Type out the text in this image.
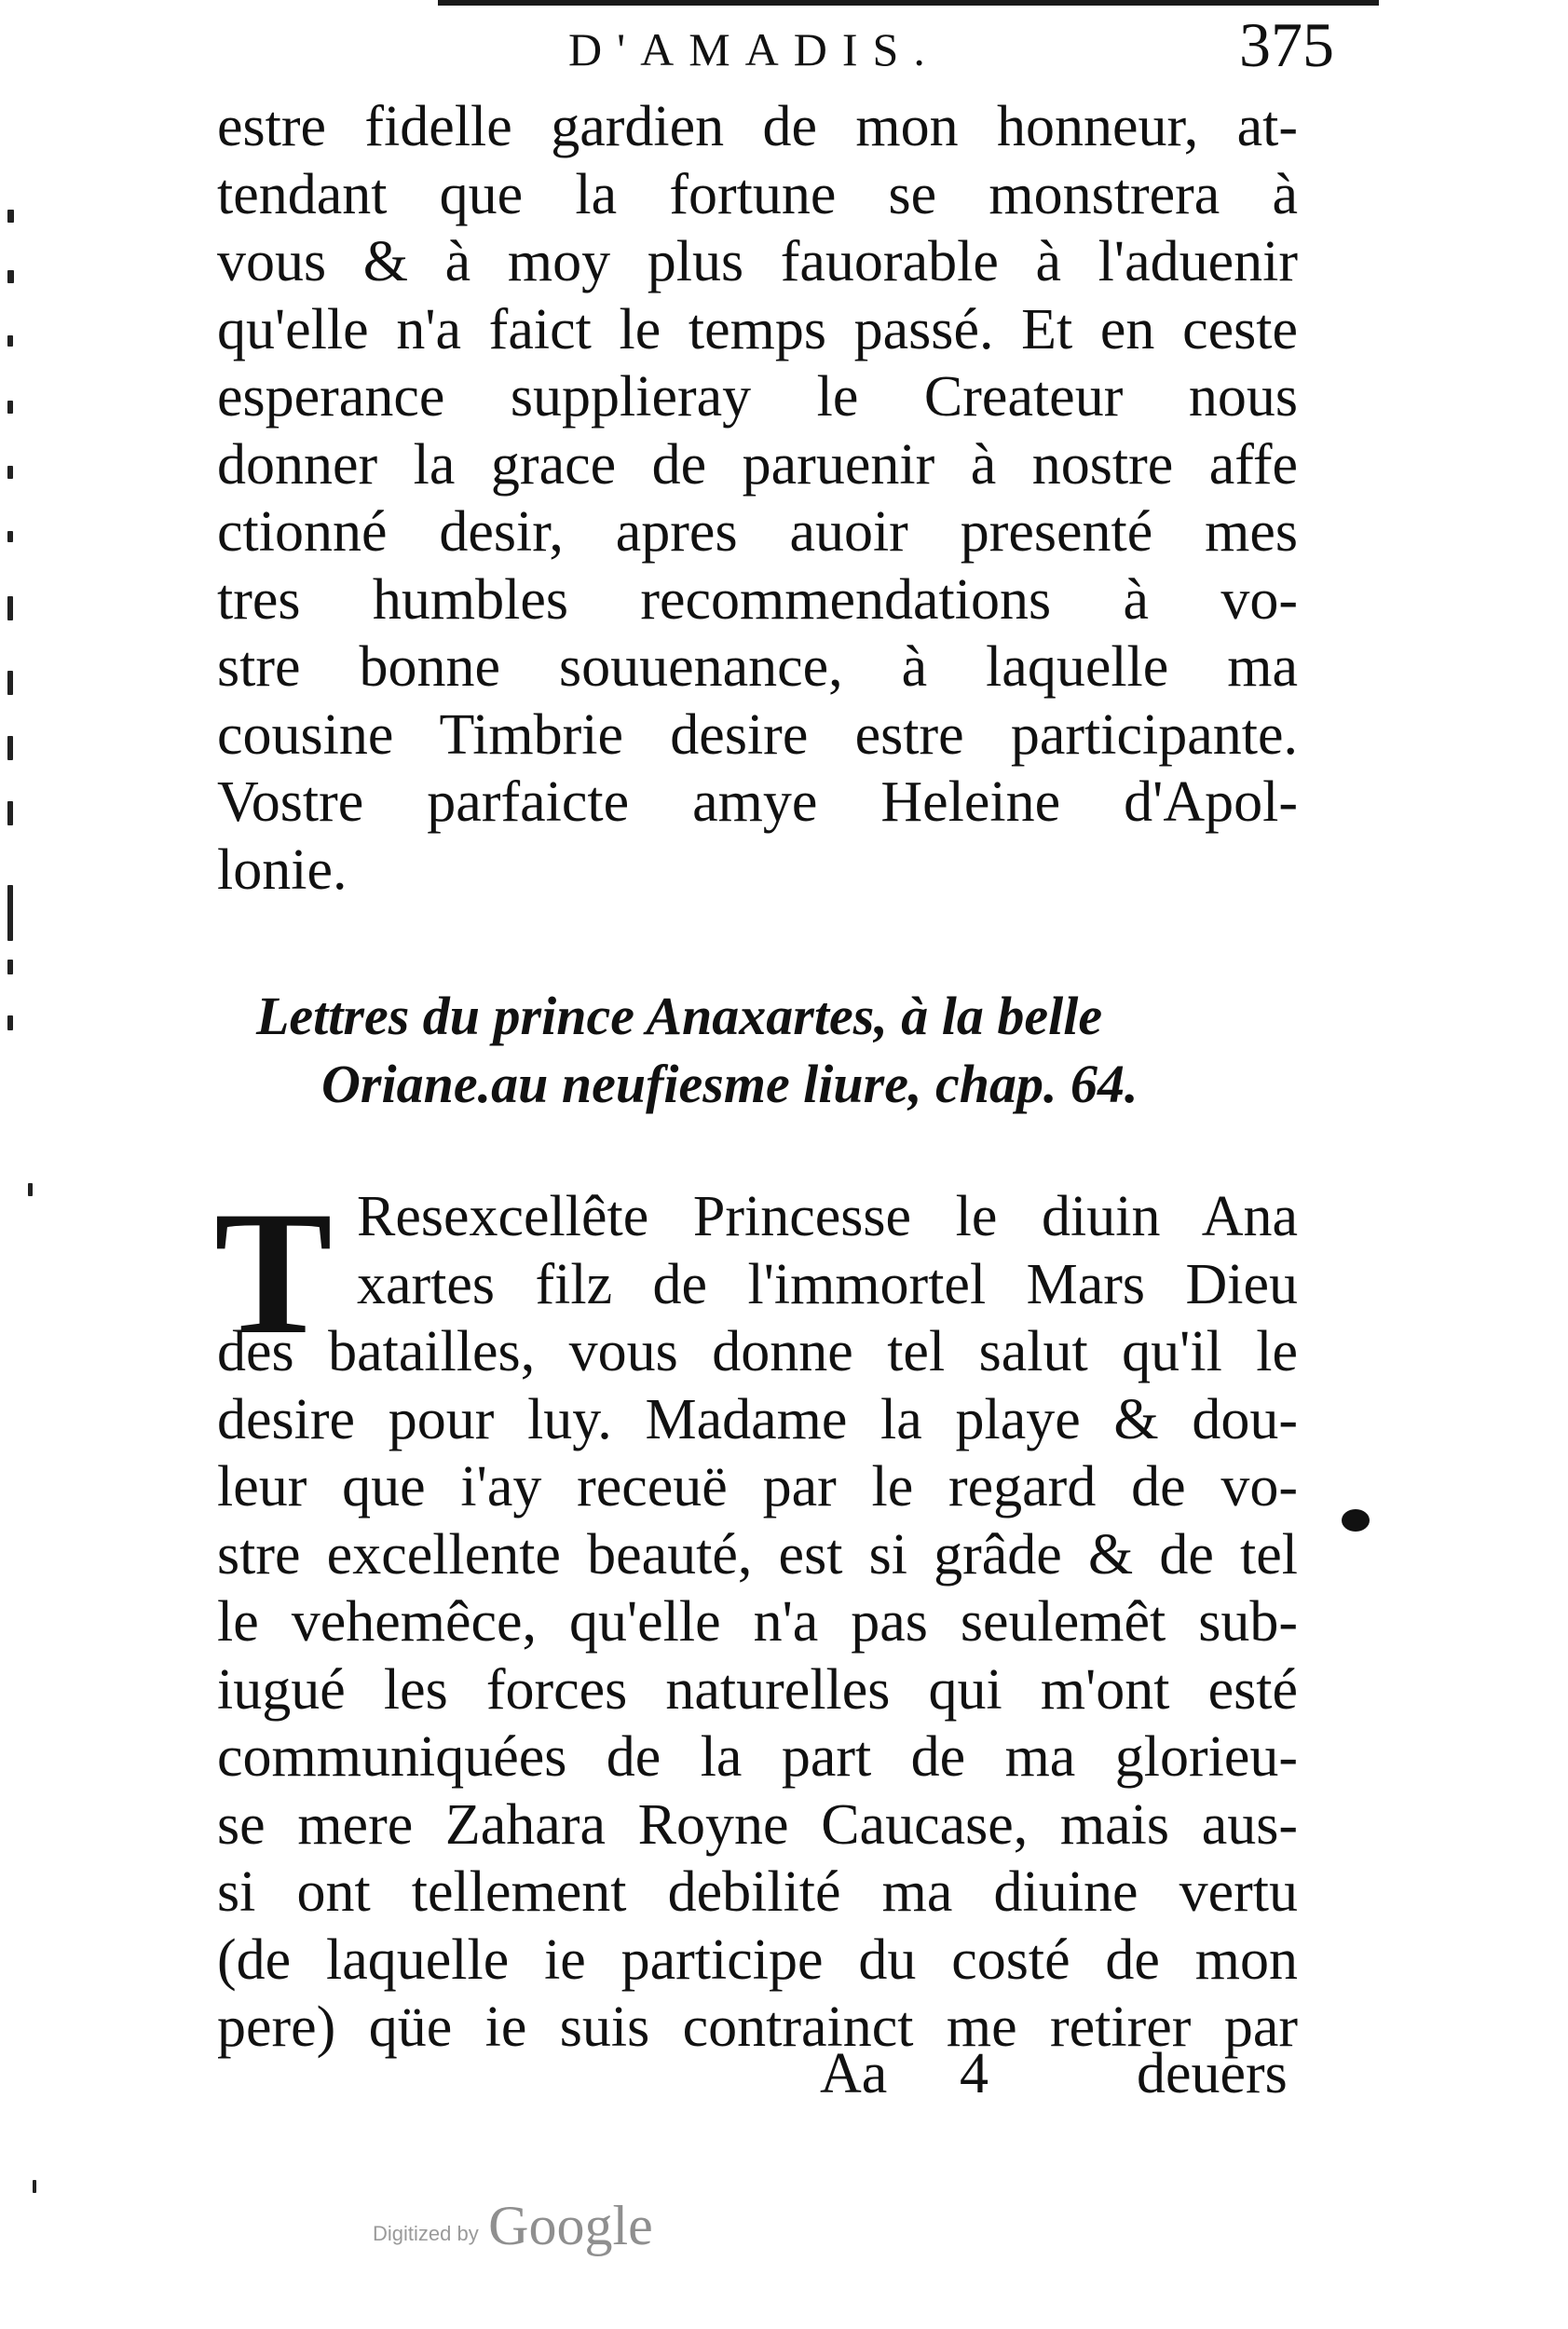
D'AMADIS.	375
estre fidelle gardien de mon honneur, at-
tendant que la fortune se monstrera à
vous & à moy plus fauorable à l'aduenir
qu'elle n'a faict le temps passé. Et en ceste
esperance supplieray le Createur nous
donner la grace de paruenir à nostre affe
ctionné desir, apres auoir presenté mes
tres humbles recommendations à vo-
stre bonne souuenance, à laquelle ma
cousine Timbrie desire estre participante.
Vostre parfaicte amye Heleine d'Apol-
lonie.
Lettres du prince Anaxartes, à la belle
Oriane.au neufiesme liure, chap. 64.
T Resexcellête Princesse le diuin Ana
xartes filz de l'immortel Mars Dieu
des batailles, vous donne tel salut qu'il le
desire pour luy. Madame la playe & dou-
leur que i'ay receuë par le regard de vo-
stre excellente beauté, est si grâde & de tel
le vehemêce, qu'elle n'a pas seulemêt sub-
iugué les forces naturelles qui m'ont esté
communiquées de la part de ma glorieu-
se mere Zahara Royne Caucase, mais aus-
si ont tellement debilité ma diuine vertu
(de laquelle ie participe du costé de mon
pere) qüe ie suis contrainct me retirer par
Aa 4	deuers
Digitized by Google
